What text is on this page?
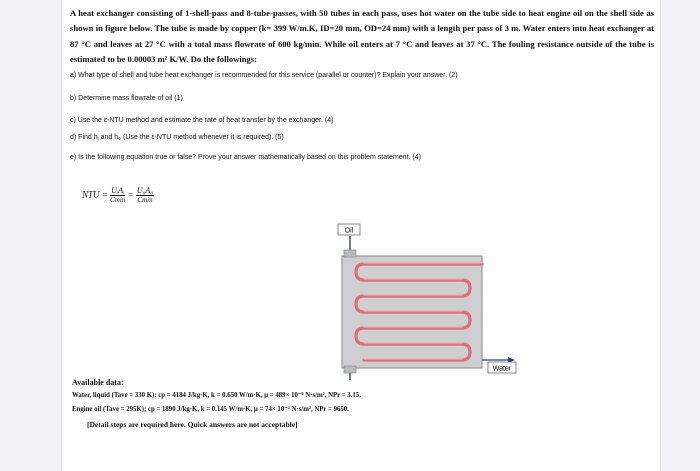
A heat exchanger consisting of 1-shell-pass and 8-tube-passes, with 50 tubes in each pass, uses hot water on the tube side to heat engine oil on the shell side as shown in figure below. The tube is made by copper (k= 399 W/m.K, ID=20 mm, OD=24 mm) with a length per pass of 3 m. Water enters into heat exchanger at 87 °C and leaves at 27 °C with a total mass flowrate of 600 kg/min. While oil enters at 7 °C and leaves at 37 °C. The fouling resistance outside of the tube is estimated to be 0.00003 m² K/W. Do the followings:
a) What type of shell and tube heat exchanger is recommended for this service (parallel or counter)? Explain your answer. (2)
b) Determine mass flowrate of oil (1)
c) Use the ε-NTU method and estimate the rate of heat transfer by the exchanger. (4)
d) Find hᵢ and h₀ (Use the ε-NTU method whenever it is required). (5)
e) Is the following equation true or false? Prove your answer mathematically based on this problem statement. (4)
NTU = $\frac{\text{UᵢAᵢ}}{Cmin} = \frac{\text{U₀A₀}}{Cmin}$
Oil
Water
Available data:
Water, liquid (Tave = 330 K): cp = 4184 J/kg·K, k = 0.650 W/m·K, μ = 489× 10⁻⁶ N·s/m², NPr = 3.15.
Engine oil (Tave = 295K); cp = 1890 J/kg·K, k = 0.145 W/m·K, μ = 74× 10⁻² N·s/m², NPr = 9650.
[Detail steps are required here. Quick answers are not acceptable]
